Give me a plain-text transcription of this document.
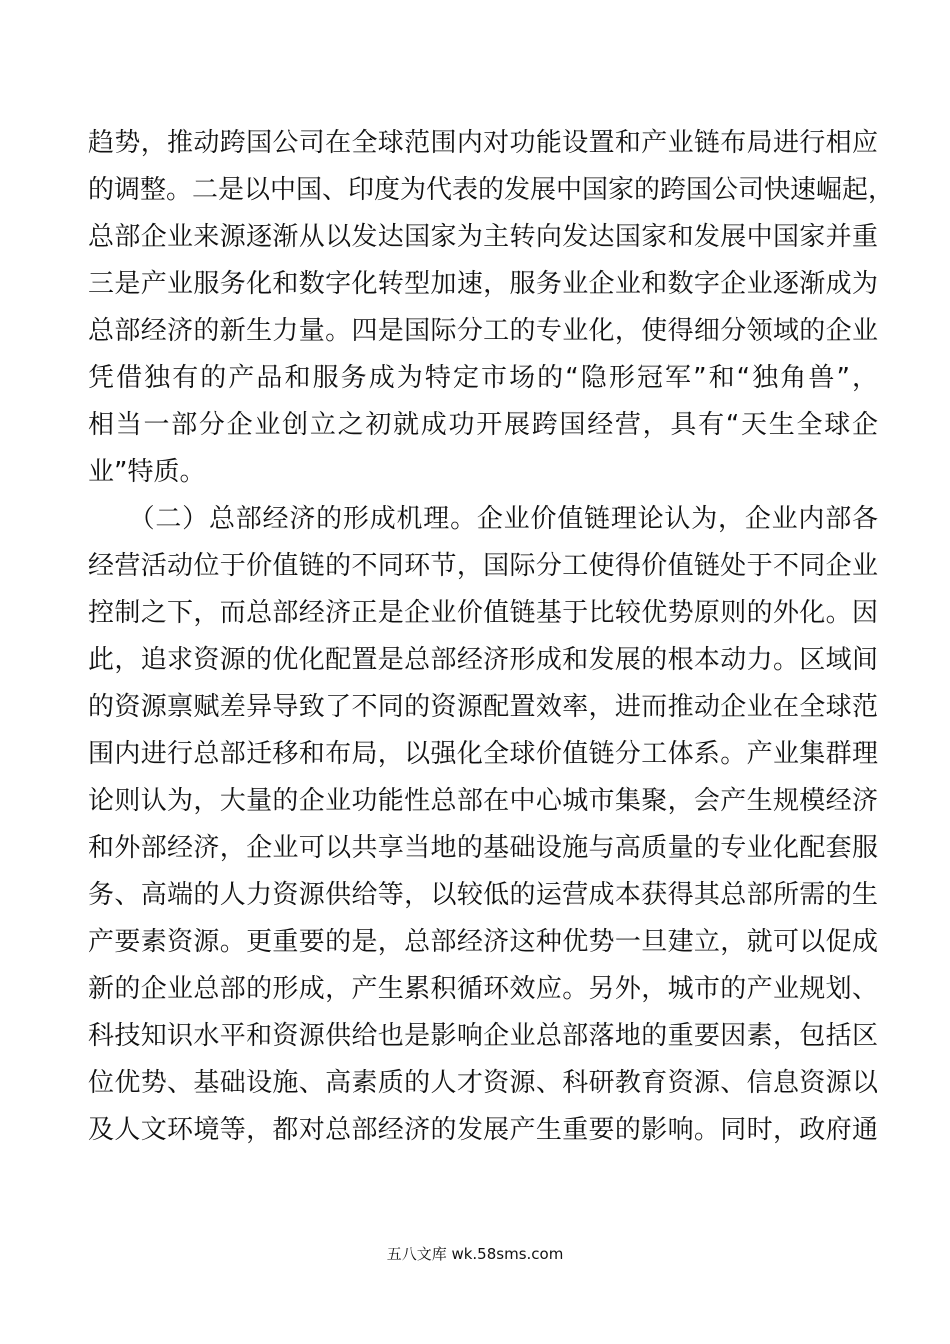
趋势，推动跨国公司在全球范围内对功能设置和产业链布局进行相应
的调整。二是以中国、印度为代表的发展中国家的跨国公司快速崛起，
总部企业来源逐渐从以发达国家为主转向发达国家和发展中国家并重
三是产业服务化和数字化转型加速，服务业企业和数字企业逐渐成为
总部经济的新生力量。四是国际分工的专业化，使得细分领域的企业
凭借独有的产品和服务成为特定市场的“隐形冠军”和“独角兽”，
相当一部分企业创立之初就成功开展跨国经营，具有“天生全球企
业”特质。
　　（二）总部经济的形成机理。企业价值链理论认为，企业内部各
经营活动位于价值链的不同环节，国际分工使得价值链处于不同企业
控制之下，而总部经济正是企业价值链基于比较优势原则的外化。因
此，追求资源的优化配置是总部经济形成和发展的根本动力。区域间
的资源禀赋差异导致了不同的资源配置效率，进而推动企业在全球范
围内进行总部迁移和布局，以强化全球价值链分工体系。产业集群理
论则认为，大量的企业功能性总部在中心城市集聚，会产生规模经济
和外部经济，企业可以共享当地的基础设施与高质量的专业化配套服
务、高端的人力资源供给等，以较低的运营成本获得其总部所需的生
产要素资源。更重要的是，总部经济这种优势一旦建立，就可以促成
新的企业总部的形成，产生累积循环效应。另外，城市的产业规划、
科技知识水平和资源供给也是影响企业总部落地的重要因素，包括区
位优势、基础设施、高素质的人才资源、科研教育资源、信息资源以
及人文环境等，都对总部经济的发展产生重要的影响。同时，政府通
五八文库 wk.58sms.com
